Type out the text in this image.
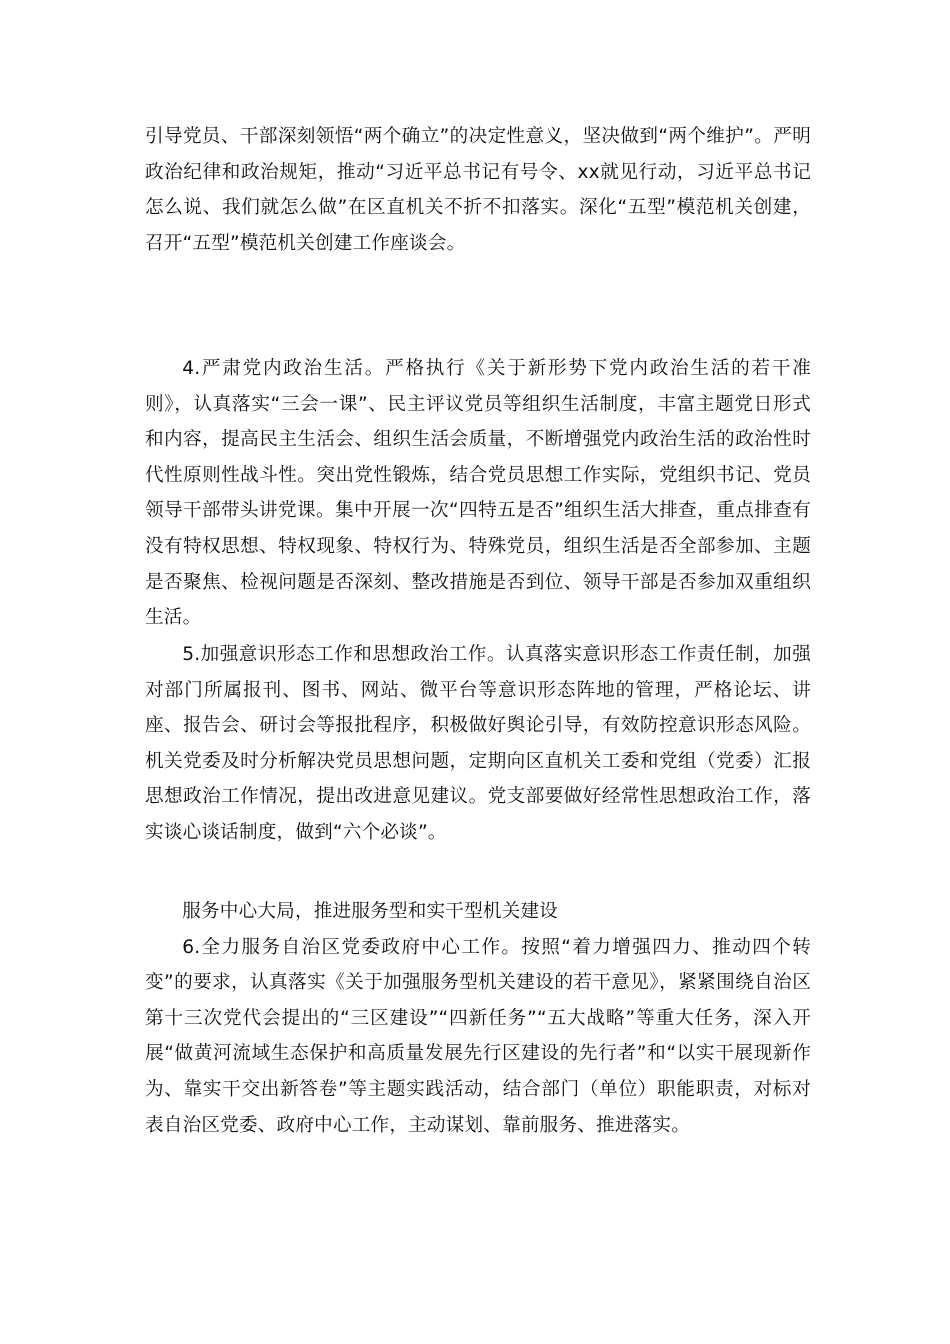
引导党员、干部深刻领悟“两个确立”的决定性意义，坚决做到“两个维护”。严明政治纪律和政治规矩，推动“习近平总书记有号令、xx就见行动，习近平总书记怎么说、我们就怎么做”在区直机关不折不扣落实。深化“五型”模范机关创建，召开“五型”模范机关创建工作座谈会。

4.严肃党内政治生活。严格执行《关于新形势下党内政治生活的若干准则》，认真落实“三会一课”、民主评议党员等组织生活制度，丰富主题党日形式和内容，提高民主生活会、组织生活会质量，不断增强党内政治生活的政治性时代性原则性战斗性。突出党性锻炼，结合党员思想工作实际，党组织书记、党员领导干部带头讲党课。集中开展一次“四特五是否”组织生活大排查，重点排查有没有特权思想、特权现象、特权行为、特殊党员，组织生活是否全部参加、主题是否聚焦、检视问题是否深刻、整改措施是否到位、领导干部是否参加双重组织生活。

5.加强意识形态工作和思想政治工作。认真落实意识形态工作责任制，加强对部门所属报刊、图书、网站、微平台等意识形态阵地的管理，严格论坛、讲座、报告会、研讨会等报批程序，积极做好舆论引导，有效防控意识形态风险。机关党委及时分析解决党员思想问题，定期向区直机关工委和党组（党委）汇报思想政治工作情况，提出改进意见建议。党支部要做好经常性思想政治工作，落实谈心谈话制度，做到“六个必谈”。

服务中心大局，推进服务型和实干型机关建设

6.全力服务自治区党委政府中心工作。按照“着力增强四力、推动四个转变”的要求，认真落实《关于加强服务型机关建设的若干意见》，紧紧围绕自治区第十三次党代会提出的“三区建设”“四新任务”“五大战略”等重大任务，深入开展“做黄河流域生态保护和高质量发展先行区建设的先行者”和“以实干展现新作为、靠实干交出新答卷”等主题实践活动，结合部门（单位）职能职责，对标对表自治区党委、政府中心工作，主动谋划、靠前服务、推进落实。
